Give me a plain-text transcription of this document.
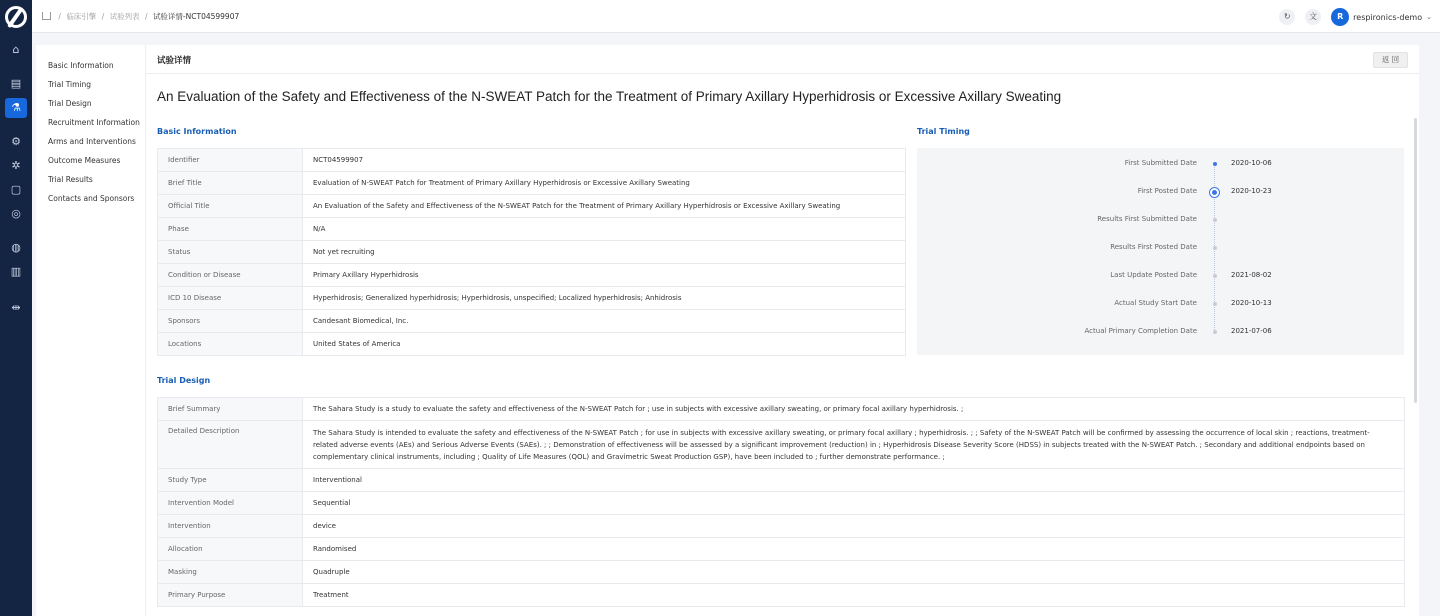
⌂
▤
⚗
⚙
✲
▢
◎
◍
▥
⇹
/ 临床引擎 / 试验列表 / 试验详情-NCT04599907	↻	文	R	respironics-demo ⌄
Basic Information
Trial Timing
Trial Design
Recruitment Information
Arms and Interventions
Outcome Measures
Trial Results
Contacts and Sponsors
试验详情	返 回
An Evaluation of the Safety and Effectiveness of the N-SWEAT Patch for the Treatment of Primary Axillary Hyperhidrosis or Excessive Axillary Sweating
Basic Information
Identifier	NCT04599907
Brief Title	Evaluation of N-SWEAT Patch for Treatment of Primary Axillary Hyperhidrosis or Excessive Axillary Sweating
Official Title	An Evaluation of the Safety and Effectiveness of the N-SWEAT Patch for the Treatment of Primary Axillary Hyperhidrosis or Excessive Axillary Sweating
Phase	N/A
Status	Not yet recruiting
Condition or Disease	Primary Axillary Hyperhidrosis
ICD 10 Disease	Hyperhidrosis; Generalized hyperhidrosis; Hyperhidrosis, unspecified; Localized hyperhidrosis; Anhidrosis
Sponsors	Candesant Biomedical, Inc.
Locations	United States of America
Trial Timing
First Submitted Date	2020-10-06
First Posted Date	2020-10-23
Results First Submitted Date
Results First Posted Date
Last Update Posted Date	2021-08-02
Actual Study Start Date	2020-10-13
Actual Primary Completion Date	2021-07-06
Trial Design
Brief Summary	The Sahara Study is a study to evaluate the safety and effectiveness of the N-SWEAT Patch for ; use in subjects with excessive axillary sweating, or primary focal axillary hyperhidrosis. ;
Detailed Description	The Sahara Study is intended to evaluate the safety and effectiveness of the N-SWEAT Patch ; for use in subjects with excessive axillary sweating, or primary focal axillary ; hyperhidrosis. ; ; Safety of the N-SWEAT Patch will be confirmed by assessing the occurrence of local skin ; reactions, treatment-related adverse events (AEs) and Serious Adverse Events (SAEs). ; ; Demonstration of effectiveness will be assessed by a significant improvement (reduction) in ; Hyperhidrosis Disease Severity Score (HDSS) in subjects treated with the N-SWEAT Patch. ; Secondary and additional endpoints based on complementary clinical instruments, including ; Quality of Life Measures (QOL) and Gravimetric Sweat Production GSP), have been included to ; further demonstrate performance. ;
Study Type	Interventional
Intervention Model	Sequential
Intervention	device
Allocation	Randomised
Masking	Quadruple
Primary Purpose	Treatment
